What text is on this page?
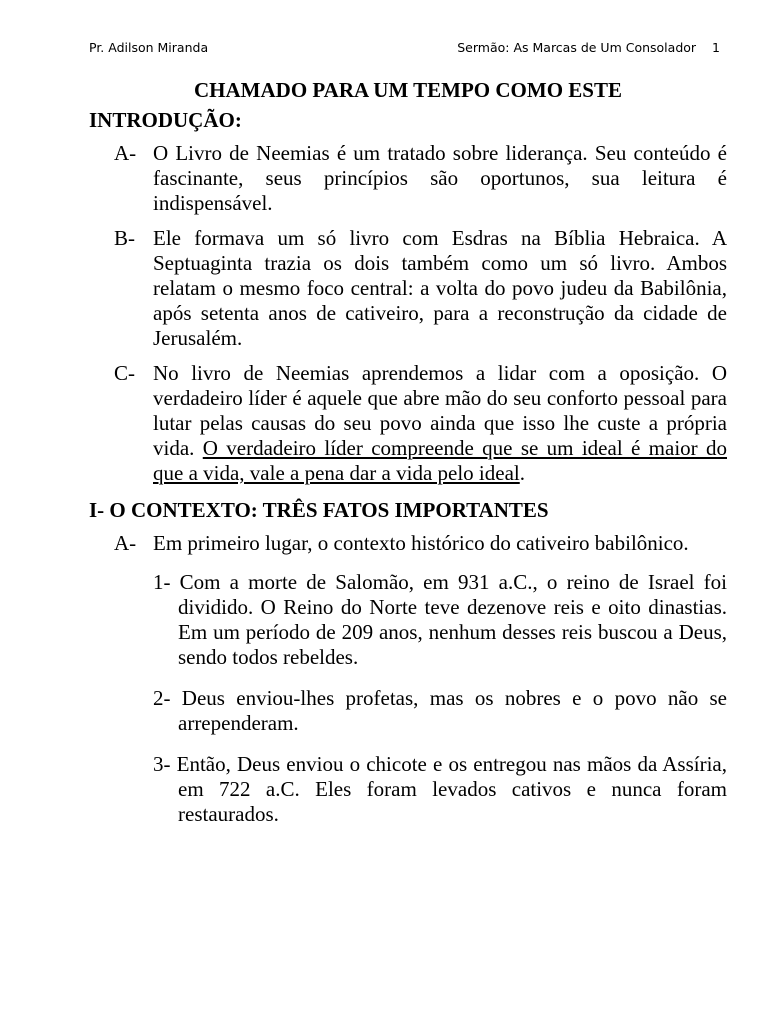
Pr. Adilson Miranda	Sermão: As Marcas de Um Consolador 1
CHAMADO PARA UM TEMPO COMO ESTE
INTRODUÇÃO:
A- O Livro de Neemias é um tratado sobre liderança. Seu conteúdo é fascinante, seus princípios são oportunos, sua leitura é indispensável.
B- Ele formava um só livro com Esdras na Bíblia Hebraica. A Septuaginta trazia os dois também como um só livro. Ambos relatam o mesmo foco central: a volta do povo judeu da Babilônia, após setenta anos de cativeiro, para a reconstrução da cidade de Jerusalém.
C- No livro de Neemias aprendemos a lidar com a oposição. O verdadeiro líder é aquele que abre mão do seu conforto pessoal para lutar pelas causas do seu povo ainda que isso lhe custe a própria vida. O verdadeiro líder compreende que se um ideal é maior do que a vida, vale a pena dar a vida pelo ideal.
I- O CONTEXTO: TRÊS FATOS IMPORTANTES
A- Em primeiro lugar, o contexto histórico do cativeiro babilônico.
1- Com a morte de Salomão, em 931 a.C., o reino de Israel foi dividido. O Reino do Norte teve dezenove reis e oito dinastias. Em um período de 209 anos, nenhum desses reis buscou a Deus, sendo todos rebeldes.
2- Deus enviou-lhes profetas, mas os nobres e o povo não se arrependeram.
3- Então, Deus enviou o chicote e os entregou nas mãos da Assíria, em 722 a.C. Eles foram levados cativos e nunca foram restaurados.
